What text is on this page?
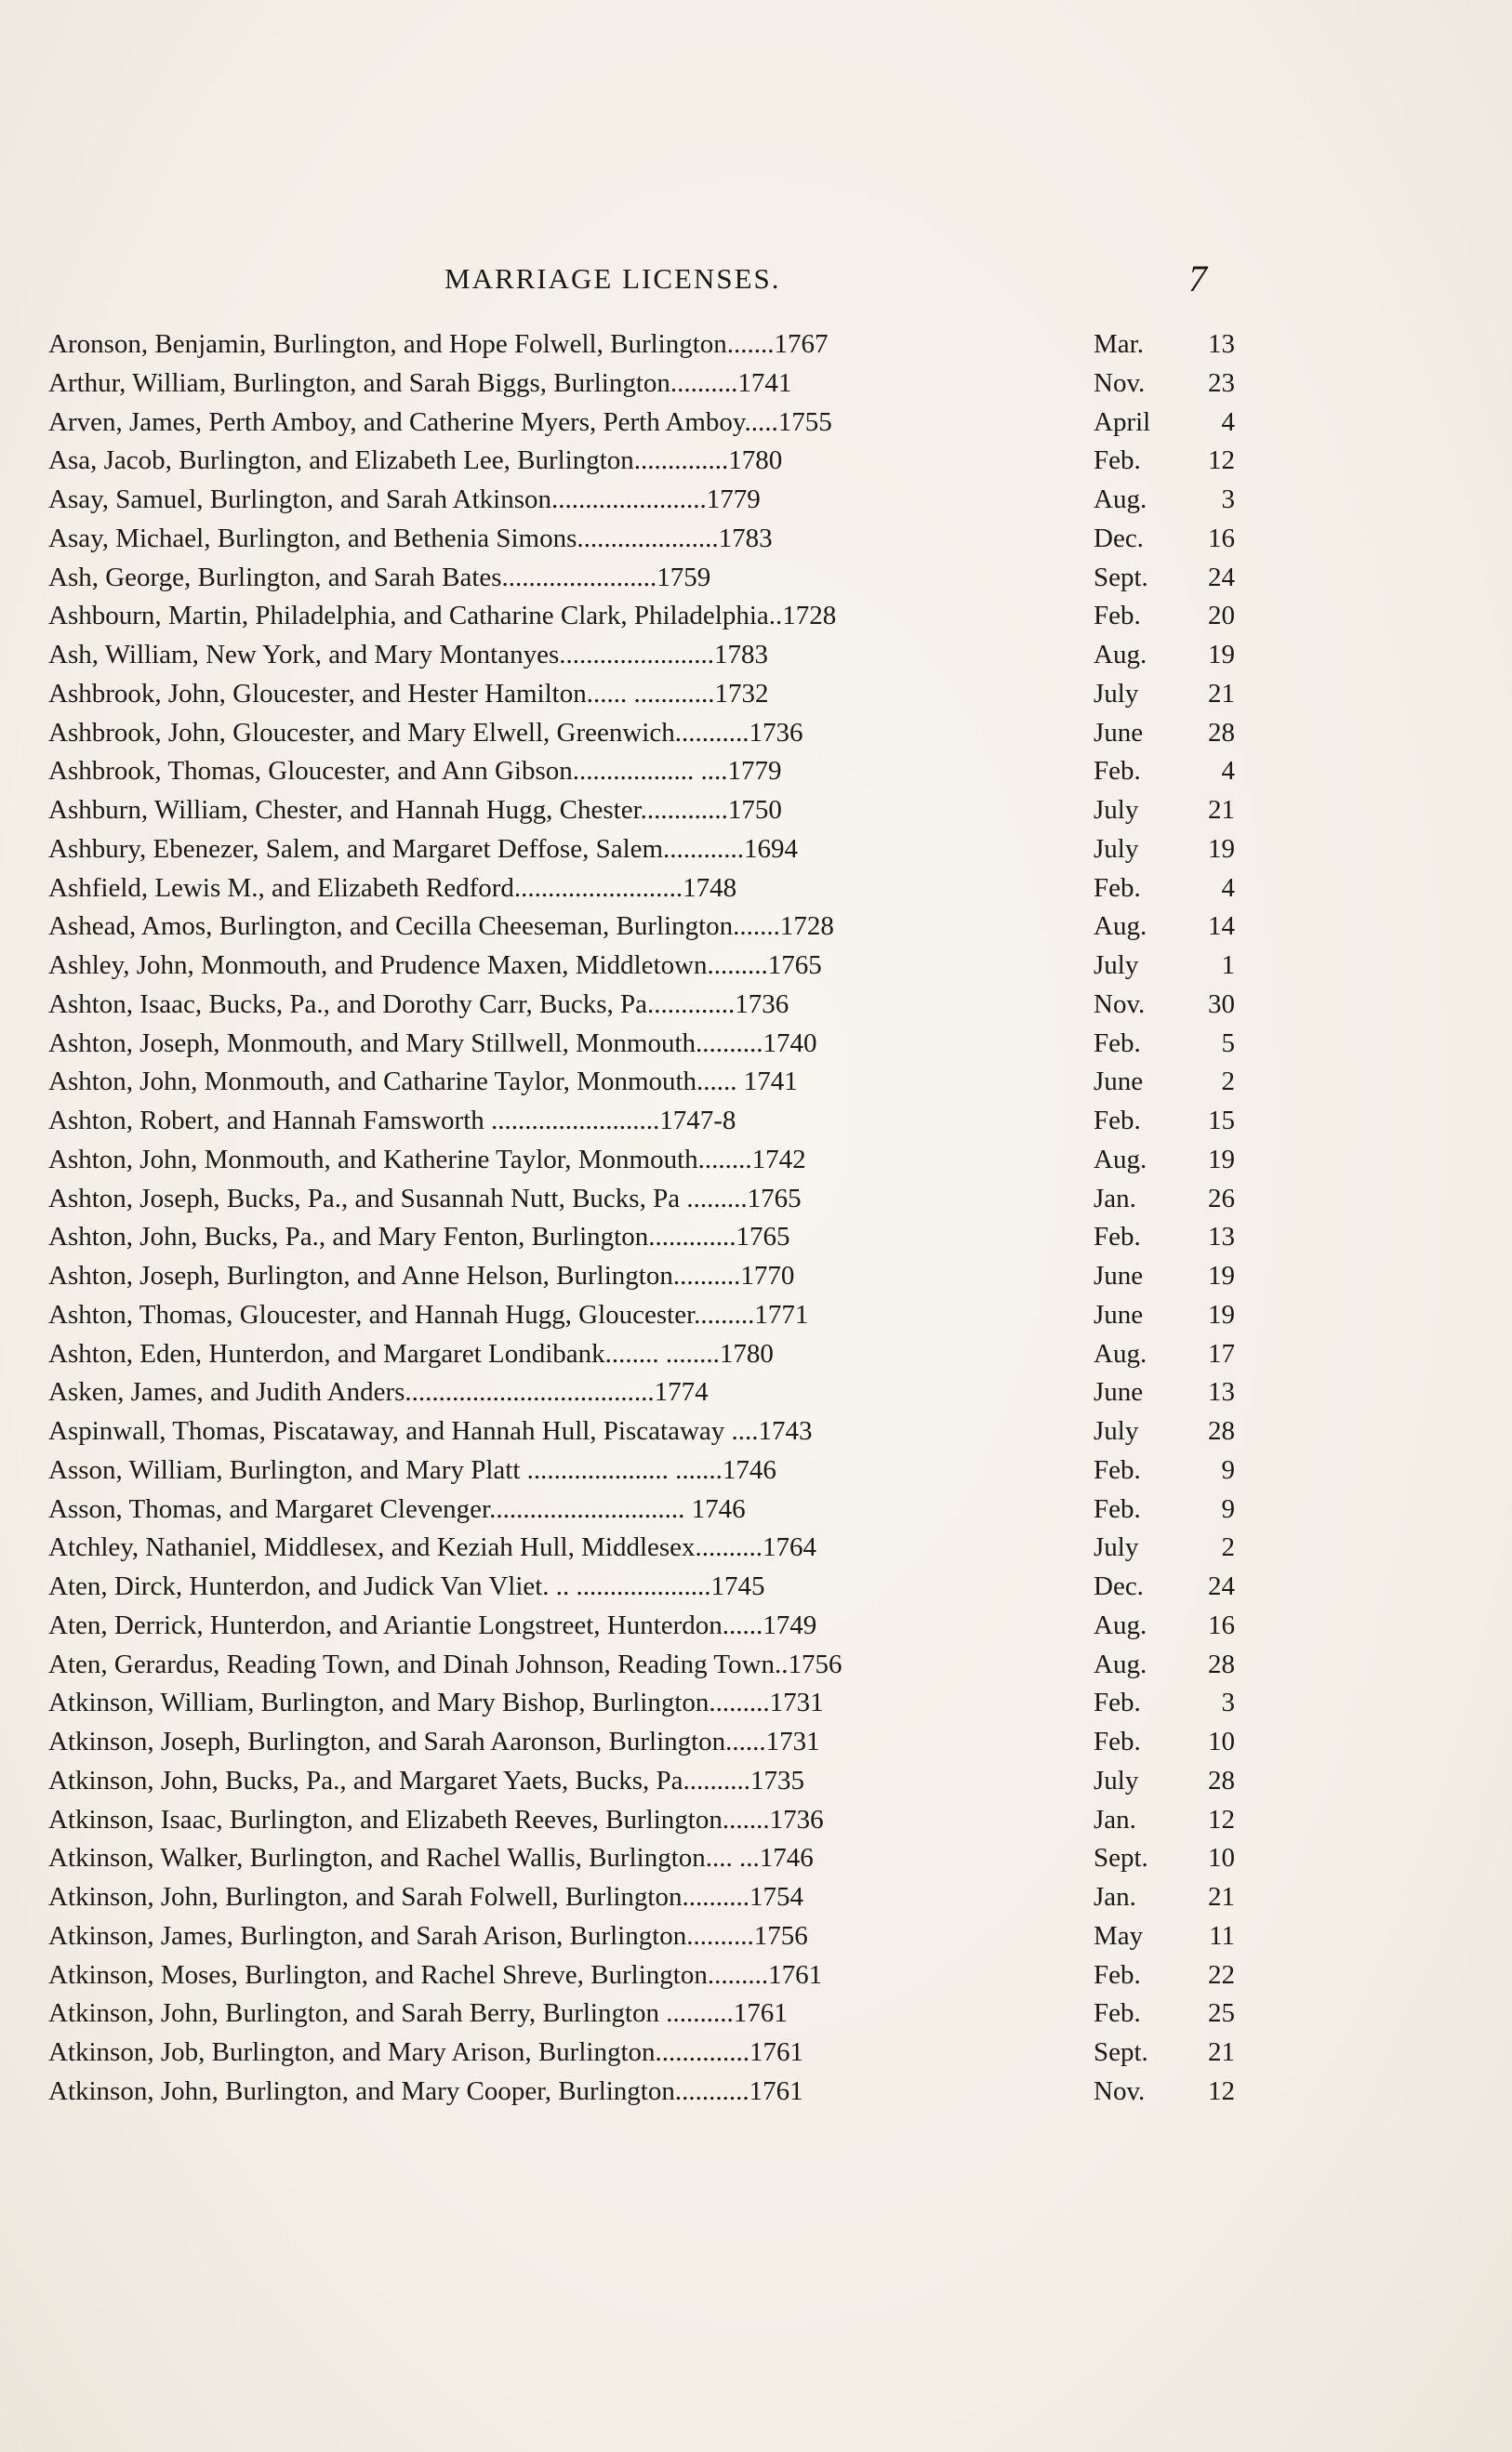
MARRIAGE LICENSES.	7
Aronson, Benjamin, Burlington, and Hope Folwell, Burlington.......1767	Mar.	13
Arthur, William, Burlington, and Sarah Biggs, Burlington..........1741	Nov.	23
Arven, James, Perth Amboy, and Catherine Myers, Perth Amboy.....1755	April	4
Asa, Jacob, Burlington, and Elizabeth Lee, Burlington..............1780	Feb.	12
Asay, Samuel, Burlington, and Sarah Atkinson.......................1779	Aug.	3
Asay, Michael, Burlington, and Bethenia Simons.....................1783	Dec.	16
Ash, George, Burlington, and Sarah Bates.......................1759	Sept.	24
Ashbourn, Martin, Philadelphia, and Catharine Clark, Philadelphia..1728	Feb.	20
Ash, William, New York, and Mary Montanyes.......................1783	Aug.	19
Ashbrook, John, Gloucester, and Hester Hamilton...... ............1732	July	21
Ashbrook, John, Gloucester, and Mary Elwell, Greenwich...........1736	June	28
Ashbrook, Thomas, Gloucester, and Ann Gibson.................. ....1779	Feb.	4
Ashburn, William, Chester, and Hannah Hugg, Chester.............1750	July	21
Ashbury, Ebenezer, Salem, and Margaret Deffose, Salem............1694	July	19
Ashfield, Lewis M., and Elizabeth Redford.........................1748	Feb.	4
Ashead, Amos, Burlington, and Cecilla Cheeseman, Burlington.......1728	Aug.	14
Ashley, John, Monmouth, and Prudence Maxen, Middletown.........1765	July	1
Ashton, Isaac, Bucks, Pa., and Dorothy Carr, Bucks, Pa.............1736	Nov.	30
Ashton, Joseph, Monmouth, and Mary Stillwell, Monmouth..........1740	Feb.	5
Ashton, John, Monmouth, and Catharine Taylor, Monmouth...... 1741	June	2
Ashton, Robert, and Hannah Famsworth .........................1747-8	Feb.	15
Ashton, John, Monmouth, and Katherine Taylor, Monmouth........1742	Aug.	19
Ashton, Joseph, Bucks, Pa., and Susannah Nutt, Bucks, Pa .........1765	Jan.	26
Ashton, John, Bucks, Pa., and Mary Fenton, Burlington.............1765	Feb.	13
Ashton, Joseph, Burlington, and Anne Helson, Burlington..........1770	June	19
Ashton, Thomas, Gloucester, and Hannah Hugg, Gloucester.........1771	June	19
Ashton, Eden, Hunterdon, and Margaret Londibank........ ........1780	Aug.	17
Asken, James, and Judith Anders.....................................1774	June	13
Aspinwall, Thomas, Piscataway, and Hannah Hull, Piscataway ....1743	July	28
Asson, William, Burlington, and Mary Platt ..................... .......1746	Feb.	9
Asson, Thomas, and Margaret Clevenger............................. 1746	Feb.	9
Atchley, Nathaniel, Middlesex, and Keziah Hull, Middlesex..........1764	July	2
Aten, Dirck, Hunterdon, and Judick Van Vliet. .. ....................1745	Dec.	24
Aten, Derrick, Hunterdon, and Ariantie Longstreet, Hunterdon......1749	Aug.	16
Aten, Gerardus, Reading Town, and Dinah Johnson, Reading Town..1756	Aug.	28
Atkinson, William, Burlington, and Mary Bishop, Burlington.........1731	Feb.	3
Atkinson, Joseph, Burlington, and Sarah Aaronson, Burlington......1731	Feb.	10
Atkinson, John, Bucks, Pa., and Margaret Yaets, Bucks, Pa..........1735	July	28
Atkinson, Isaac, Burlington, and Elizabeth Reeves, Burlington.......1736	Jan.	12
Atkinson, Walker, Burlington, and Rachel Wallis, Burlington.... ...1746	Sept.	10
Atkinson, John, Burlington, and Sarah Folwell, Burlington..........1754	Jan.	21
Atkinson, James, Burlington, and Sarah Arison, Burlington..........1756	May	11
Atkinson, Moses, Burlington, and Rachel Shreve, Burlington.........1761	Feb.	22
Atkinson, John, Burlington, and Sarah Berry, Burlington ..........1761	Feb.	25
Atkinson, Job, Burlington, and Mary Arison, Burlington..............1761	Sept.	21
Atkinson, John, Burlington, and Mary Cooper, Burlington...........1761	Nov.	12
